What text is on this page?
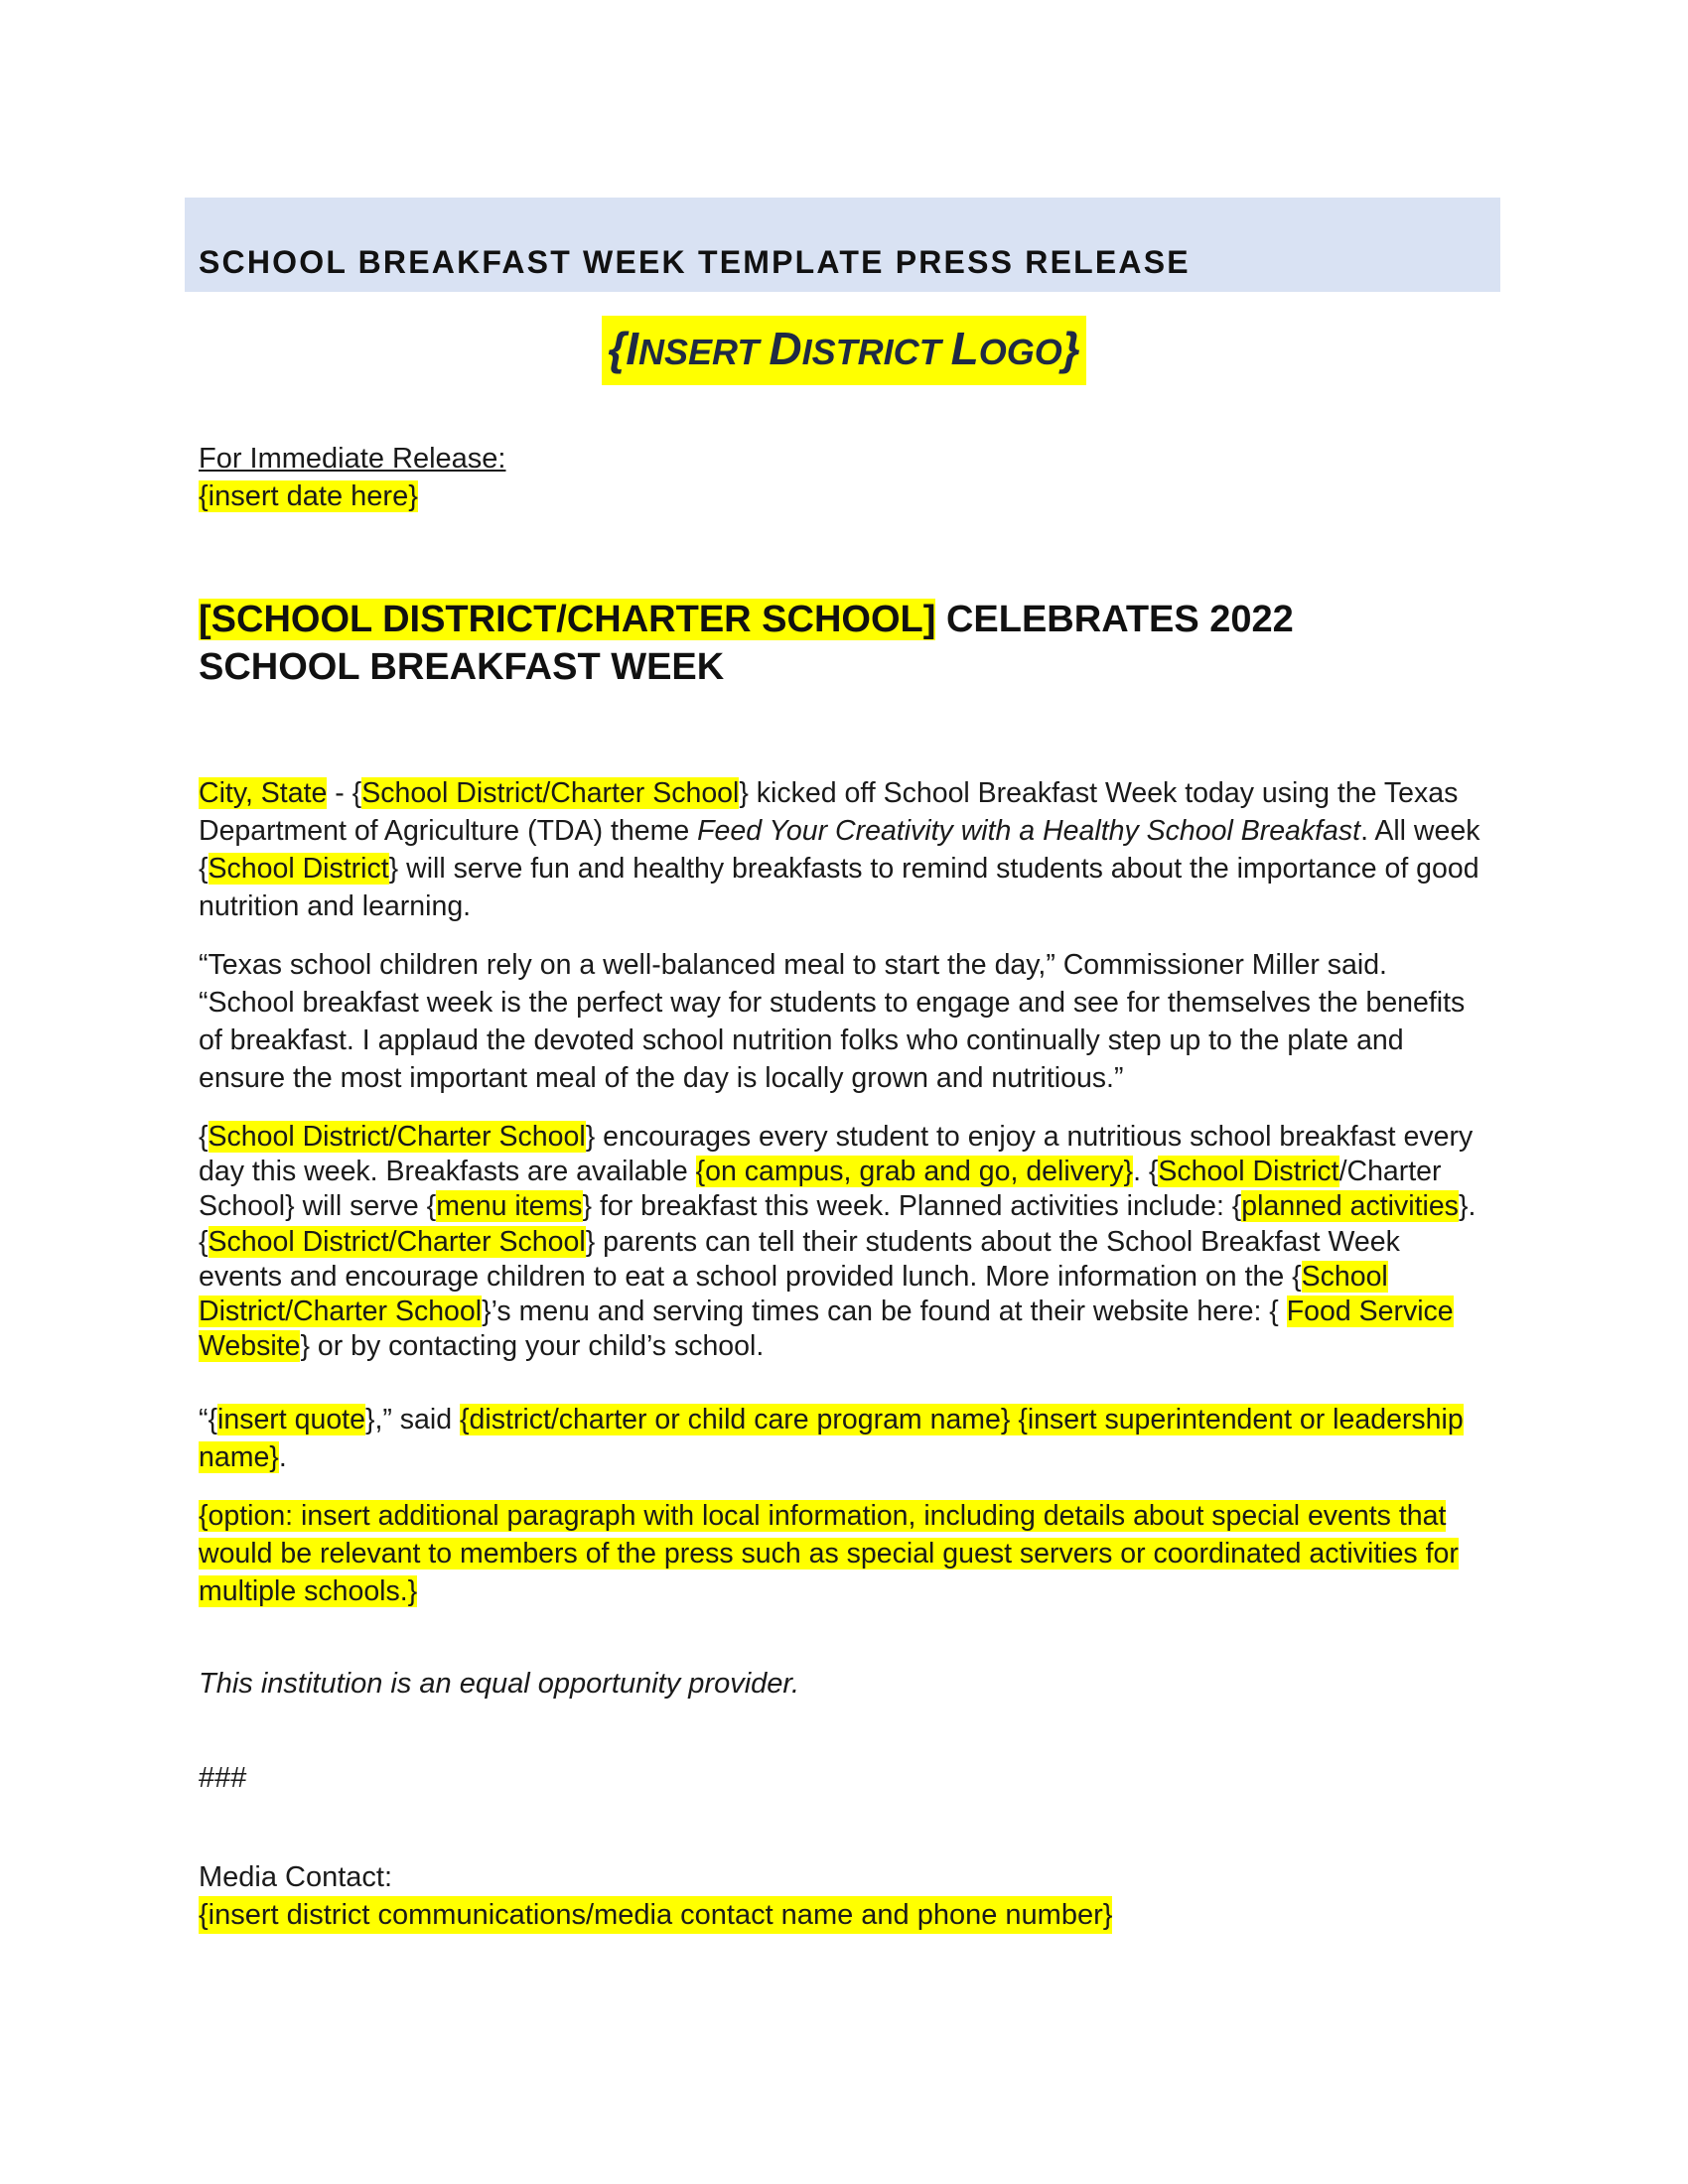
SCHOOL BREAKFAST WEEK TEMPLATE PRESS RELEASE
{INSERT DISTRICT LOGO}
For Immediate Release:
{insert date here}
[SCHOOL DISTRICT/CHARTER SCHOOL] CELEBRATES 2022
SCHOOL BREAKFAST WEEK
City, State - {School District/Charter School} kicked off School Breakfast Week today using the Texas Department of Agriculture (TDA) theme Feed Your Creativity with a Healthy School Breakfast. All week {School District} will serve fun and healthy breakfasts to remind students about the importance of good nutrition and learning.
“Texas school children rely on a well-balanced meal to start the day,” Commissioner Miller said. “School breakfast week is the perfect way for students to engage and see for themselves the benefits of breakfast. I applaud the devoted school nutrition folks who continually step up to the plate and ensure the most important meal of the day is locally grown and nutritious.”
{School District/Charter School} encourages every student to enjoy a nutritious school breakfast every day this week. Breakfasts are available {on campus, grab and go, delivery}. {School District/Charter School} will serve {menu items} for breakfast this week. Planned activities include: {planned activities}. {School District/Charter School} parents can tell their students about the School Breakfast Week events and encourage children to eat a school provided lunch. More information on the {School District/Charter School}’s menu and serving times can be found at their website here: { Food Service Website} or by contacting your child’s school.
“{insert quote},” said {district/charter or child care program name} {insert superintendent or leadership name}.
{option: insert additional paragraph with local information, including details about special events that would be relevant to members of the press such as special guest servers or coordinated activities for multiple schools.}
This institution is an equal opportunity provider.
###
Media Contact:
{insert district communications/media contact name and phone number}
